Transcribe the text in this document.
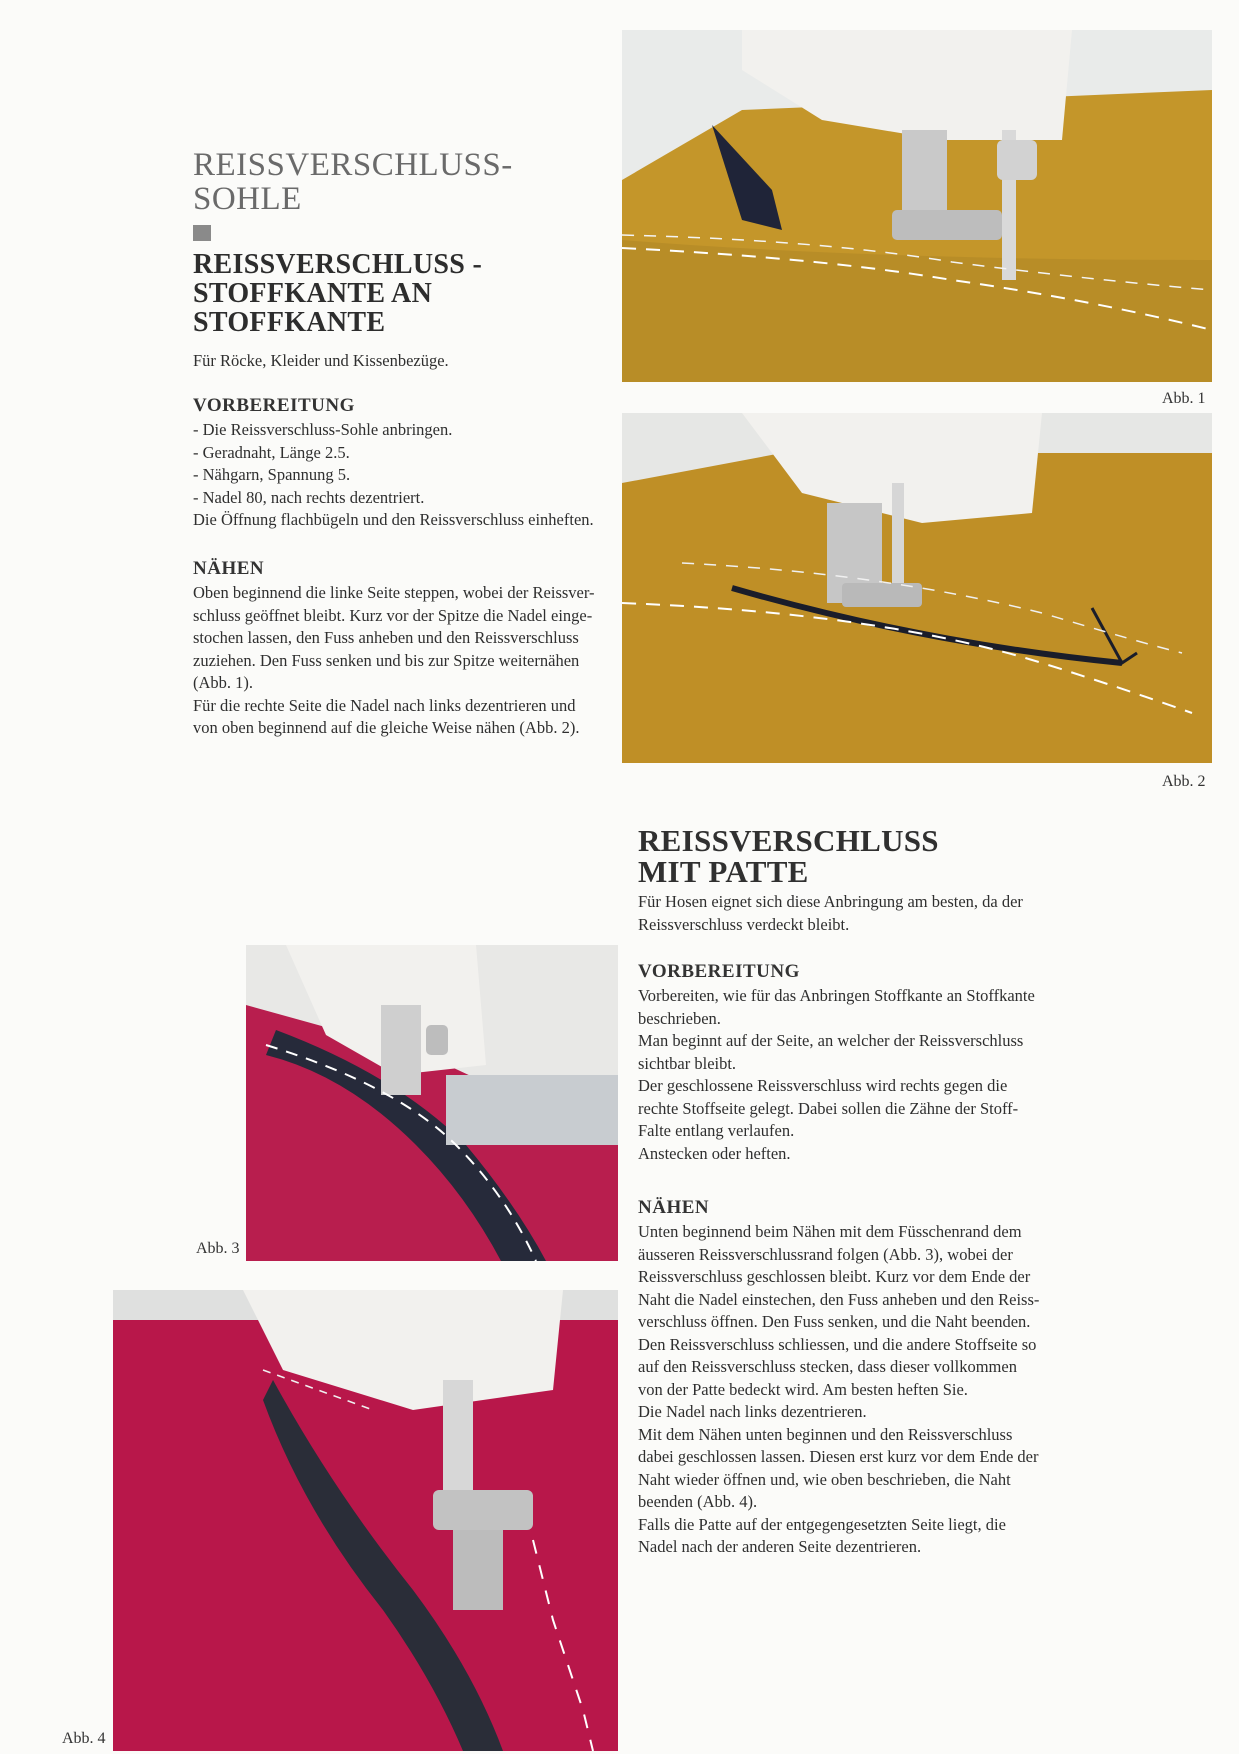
REISSVERSCHLUSS-
SOHLE
REISSVERSCHLUSS -
STOFFKANTE AN
STOFFKANTE

Für Röcke, Kleider und Kissenbezüge.

VORBEREITUNG
- Die Reissverschluss-Sohle anbringen.
- Geradnaht, Länge 2.5.
- Nähgarn, Spannung 5.
- Nadel 80, nach rechts dezentriert.

Die Öffnung flachbügeln und den Reissverschluss einheften.

NÄHEN

Oben beginnend die linke Seite steppen, wobei der Reissver-

schluss geöffnet bleibt. Kurz vor der Spitze die Nadel einge-

stochen lassen, den Fuss anheben und den Reissverschluss

zuziehen. Den Fuss senken und bis zur Spitze weiternähen

(Abb. 1).

Für die rechte Seite die Nadel nach links dezentrieren und

von oben beginnend auf die gleiche Weise nähen (Abb. 2).

Abb. 1
Abb. 2
REISSVERSCHLUSS
MIT PATTE

Für Hosen eignet sich diese Anbringung am besten, da der

Reissverschluss verdeckt bleibt.

VORBEREITUNG

Vorbereiten, wie für das Anbringen Stoffkante an Stoffkante

beschrieben.

Man beginnt auf der Seite, an welcher der Reissverschluss

sichtbar bleibt.

Der geschlossene Reissverschluss wird rechts gegen die

rechte Stoffseite gelegt. Dabei sollen die Zähne der Stoff-

Falte entlang verlaufen.

Anstecken oder heften.

NÄHEN

Unten beginnend beim Nähen mit dem Füsschenrand dem

äusseren Reissverschlussrand folgen (Abb. 3), wobei der

Reissverschluss geschlossen bleibt. Kurz vor dem Ende der

Naht die Nadel einstechen, den Fuss anheben und den Reiss-

verschluss öffnen. Den Fuss senken, und die Naht beenden.

Den Reissverschluss schliessen, und die andere Stoffseite so

auf den Reissverschluss stecken, dass dieser vollkommen

von der Patte bedeckt wird. Am besten heften Sie.

Die Nadel nach links dezentrieren.

Mit dem Nähen unten beginnen und den Reissverschluss

dabei geschlossen lassen. Diesen erst kurz vor dem Ende der

Naht wieder öffnen und, wie oben beschrieben, die Naht

beenden (Abb. 4).

Falls die Patte auf der entgegengesetzten Seite liegt, die

Nadel nach der anderen Seite dezentrieren.

Abb. 3
Abb. 4
